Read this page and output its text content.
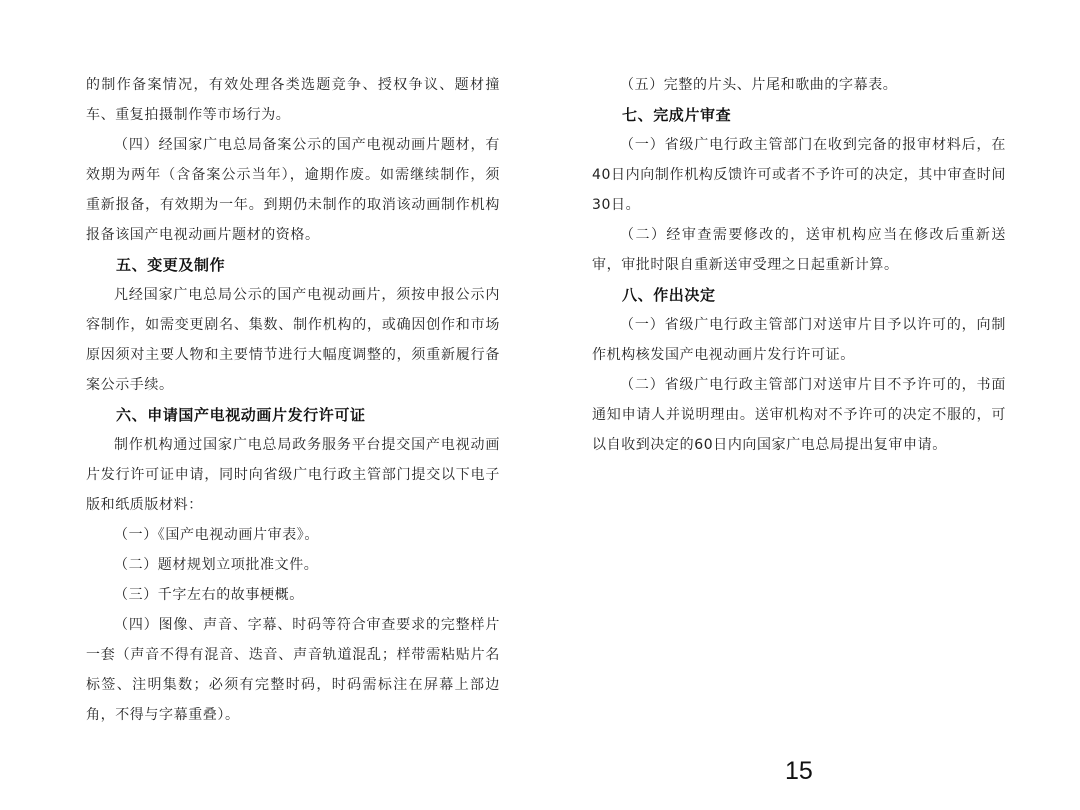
的制作备案情况，有效处理各类选题竞争、授权争议、题材撞车、重复拍摄制作等市场行为。

（四）经国家广电总局备案公示的国产电视动画片题材，有效期为两年（含备案公示当年），逾期作废。如需继续制作，须重新报备，有效期为一年。到期仍未制作的取消该动画制作机构报备该国产电视动画片题材的资格。

五、变更及制作

凡经国家广电总局公示的国产电视动画片，须按申报公示内容制作，如需变更剧名、集数、制作机构的，或确因创作和市场原因须对主要人物和主要情节进行大幅度调整的，须重新履行备案公示手续。

六、申请国产电视动画片发行许可证

制作机构通过国家广电总局政务服务平台提交国产电视动画片发行许可证申请，同时向省级广电行政主管部门提交以下电子版和纸质版材料：

（一）《国产电视动画片审表》。

（二）题材规划立项批准文件。

（三）千字左右的故事梗概。

（四）图像、声音、字幕、时码等符合审查要求的完整样片一套（声音不得有混音、迭音、声音轨道混乱；样带需粘贴片名标签、注明集数；必须有完整时码，时码需标注在屏幕上部边角，不得与字幕重叠）。

（五）完整的片头、片尾和歌曲的字幕表。

七、完成片审查

（一）省级广电行政主管部门在收到完备的报审材料后，在40日内向制作机构反馈许可或者不予许可的决定，其中审查时间30日。

（二）经审查需要修改的，送审机构应当在修改后重新送审，审批时限自重新送审受理之日起重新计算。

八、作出决定

（一）省级广电行政主管部门对送审片目予以许可的，向制作机构核发国产电视动画片发行许可证。

（二）省级广电行政主管部门对送审片目不予许可的，书面通知申请人并说明理由。送审机构对不予许可的决定不服的，可以自收到决定的60日内向国家广电总局提出复审申请。

15
